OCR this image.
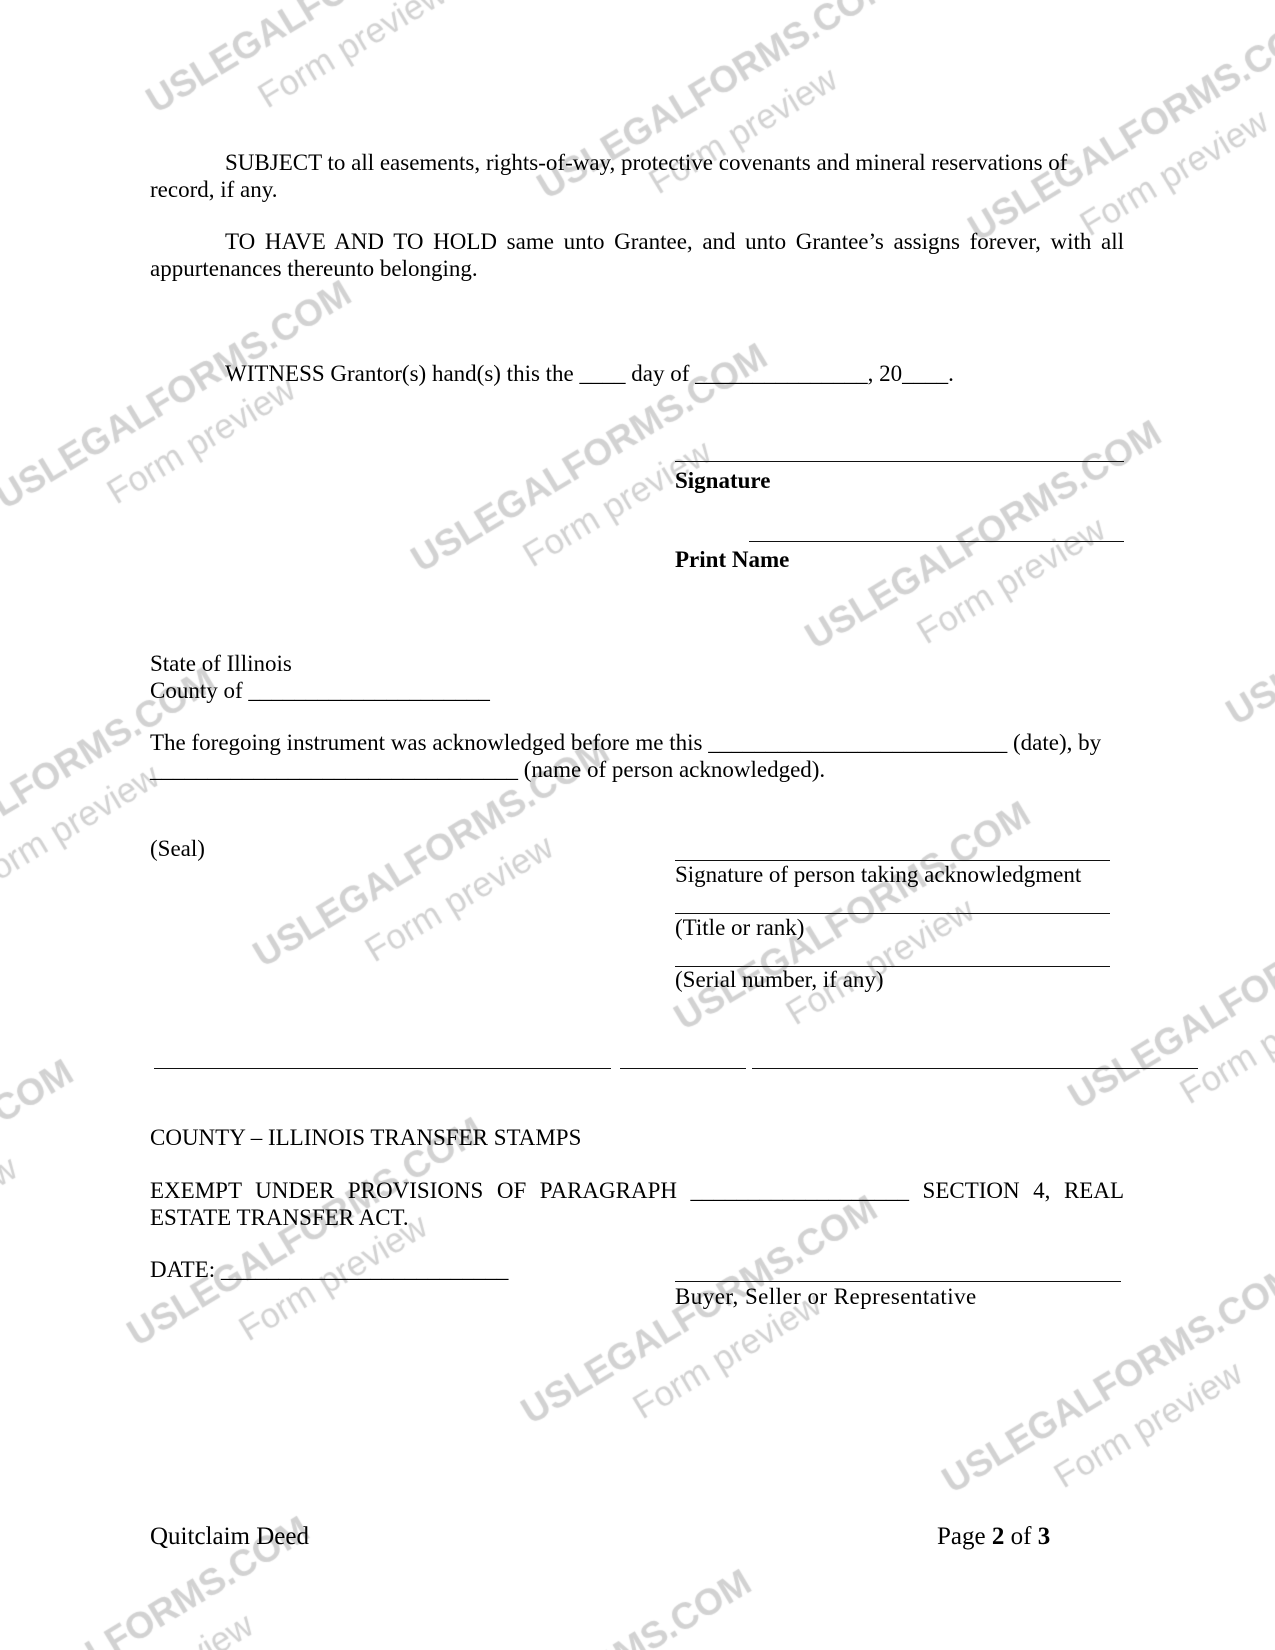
SUBJECT to all easements, rights-of-way, protective covenants and mineral reservations of record, if any.

TO HAVE AND TO HOLD same unto Grantee, and unto Grantee’s assigns forever, with all appurtenances thereunto belonging.

WITNESS Grantor(s) hand(s) this the ____ day of _______________, 20____.

Signature

Print Name

State of Illinois

County of _____________________

The foregoing instrument was acknowledged before me this __________________________ (date), by ________________________________ (name of person acknowledged).

(Seal)

Signature of person taking acknowledgment

(Title or rank)

(Serial number, if any)

COUNTY – ILLINOIS TRANSFER STAMPS

EXEMPT UNDER PROVISIONS OF PARAGRAPH ___________________ SECTION 4, REAL ESTATE TRANSFER ACT.

DATE: _________________________

Buyer, Seller or Representative

Quitclaim Deed	Page 2 of 3
